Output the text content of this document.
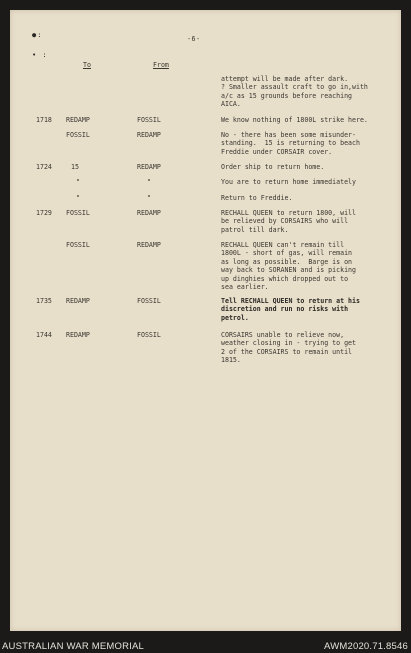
●:
• :
-6-
To	From
attempt will be made after dark.
? Smaller assault craft to go in,with
a/c as 15 grounds before reaching
AICA.
1718 REDAMP	FOSSIL	We know nothing of 1800L strike here.
FOSSIL	REDAMP	No - there has been some misunder-
standing.  15 is returning to beach
Freddie under CORSAIR cover.
1724	15	REDAMP	Order ship to return home.
"	"	You are to return home immediately
"	"	Return to Freddie.
1729 FOSSIL	REDAMP	RECHALL QUEEN to return 1800, will
be relieved by CORSAIRS who will
patrol till dark.
FOSSIL	REDAMP	RECHALL QUEEN can't remain till
1800L - short of gas, will remain
as long as possible.  Barge is on
way back to SORANEN and is picking
up dinghies which dropped out to
sea earlier.
1735 REDAMP	FOSSIL	Tell RECHALL QUEEN to return at his
discretion and run no risks with
petrol.
1744 REDAMP	FOSSIL	CORSAIRS unable to relieve now,
weather closing in - trying to get
2 of the CORSAIRS to remain until
1815.
AUSTRALIAN WAR MEMORIAL	AWM2020.71.8546
